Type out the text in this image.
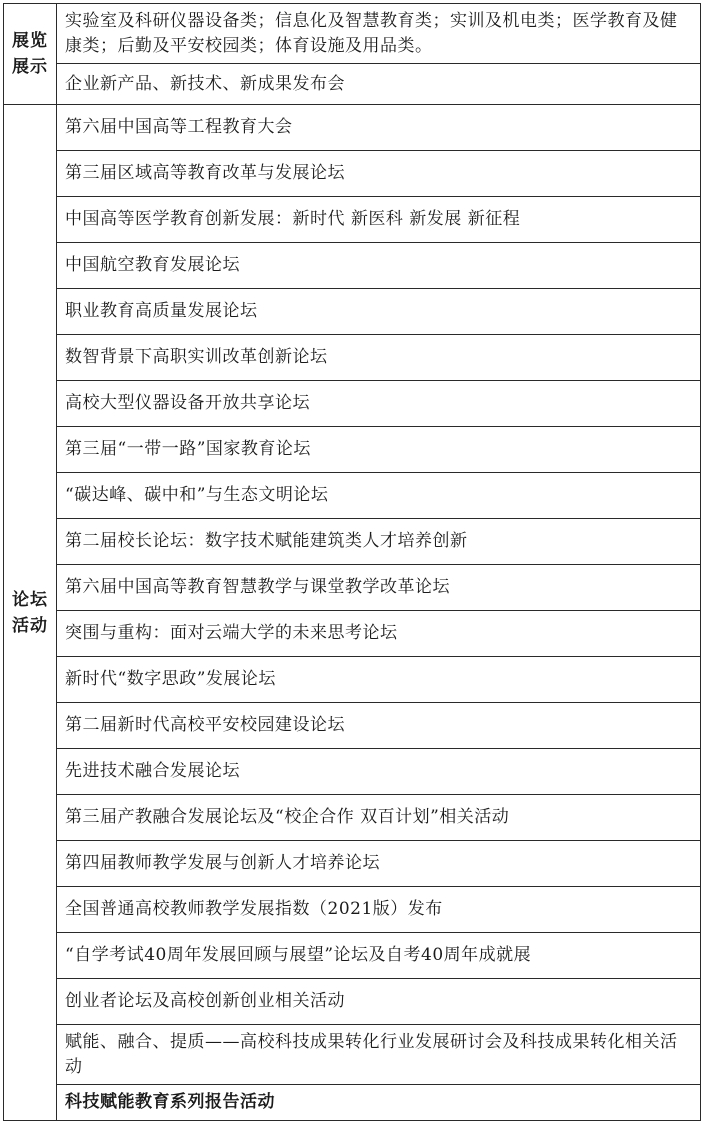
展览
展示	实验室及科研仪器设备类；信息化及智慧教育类；实训及机电类；医学教育及健康类；后勤及平安校园类；体育设施及用品类。
	企业新产品、新技术、新成果发布会

论坛
活动	第六届中国高等工程教育大会
	第三届区域高等教育改革与发展论坛
	中国高等医学教育创新发展：新时代 新医科 新发展 新征程
	中国航空教育发展论坛
	职业教育高质量发展论坛
	数智背景下高职实训改革创新论坛
	高校大型仪器设备开放共享论坛
	第三届“一带一路”国家教育论坛
	“碳达峰、碳中和”与生态文明论坛
	第二届校长论坛：数字技术赋能建筑类人才培养创新
	第六届中国高等教育智慧教学与课堂教学改革论坛
	突围与重构：面对云端大学的未来思考论坛
	新时代“数字思政”发展论坛
	第二届新时代高校平安校园建设论坛
	先进技术融合发展论坛
	第三届产教融合发展论坛及“校企合作 双百计划”相关活动
	第四届教师教学发展与创新人才培养论坛
	全国普通高校教师教学发展指数（2021版）发布
	“自学考试40周年发展回顾与展望”论坛及自考40周年成就展
	创业者论坛及高校创新创业相关活动
	赋能、融合、提质——高校科技成果转化行业发展研讨会及科技成果转化相关活动
	科技赋能教育系列报告活动
